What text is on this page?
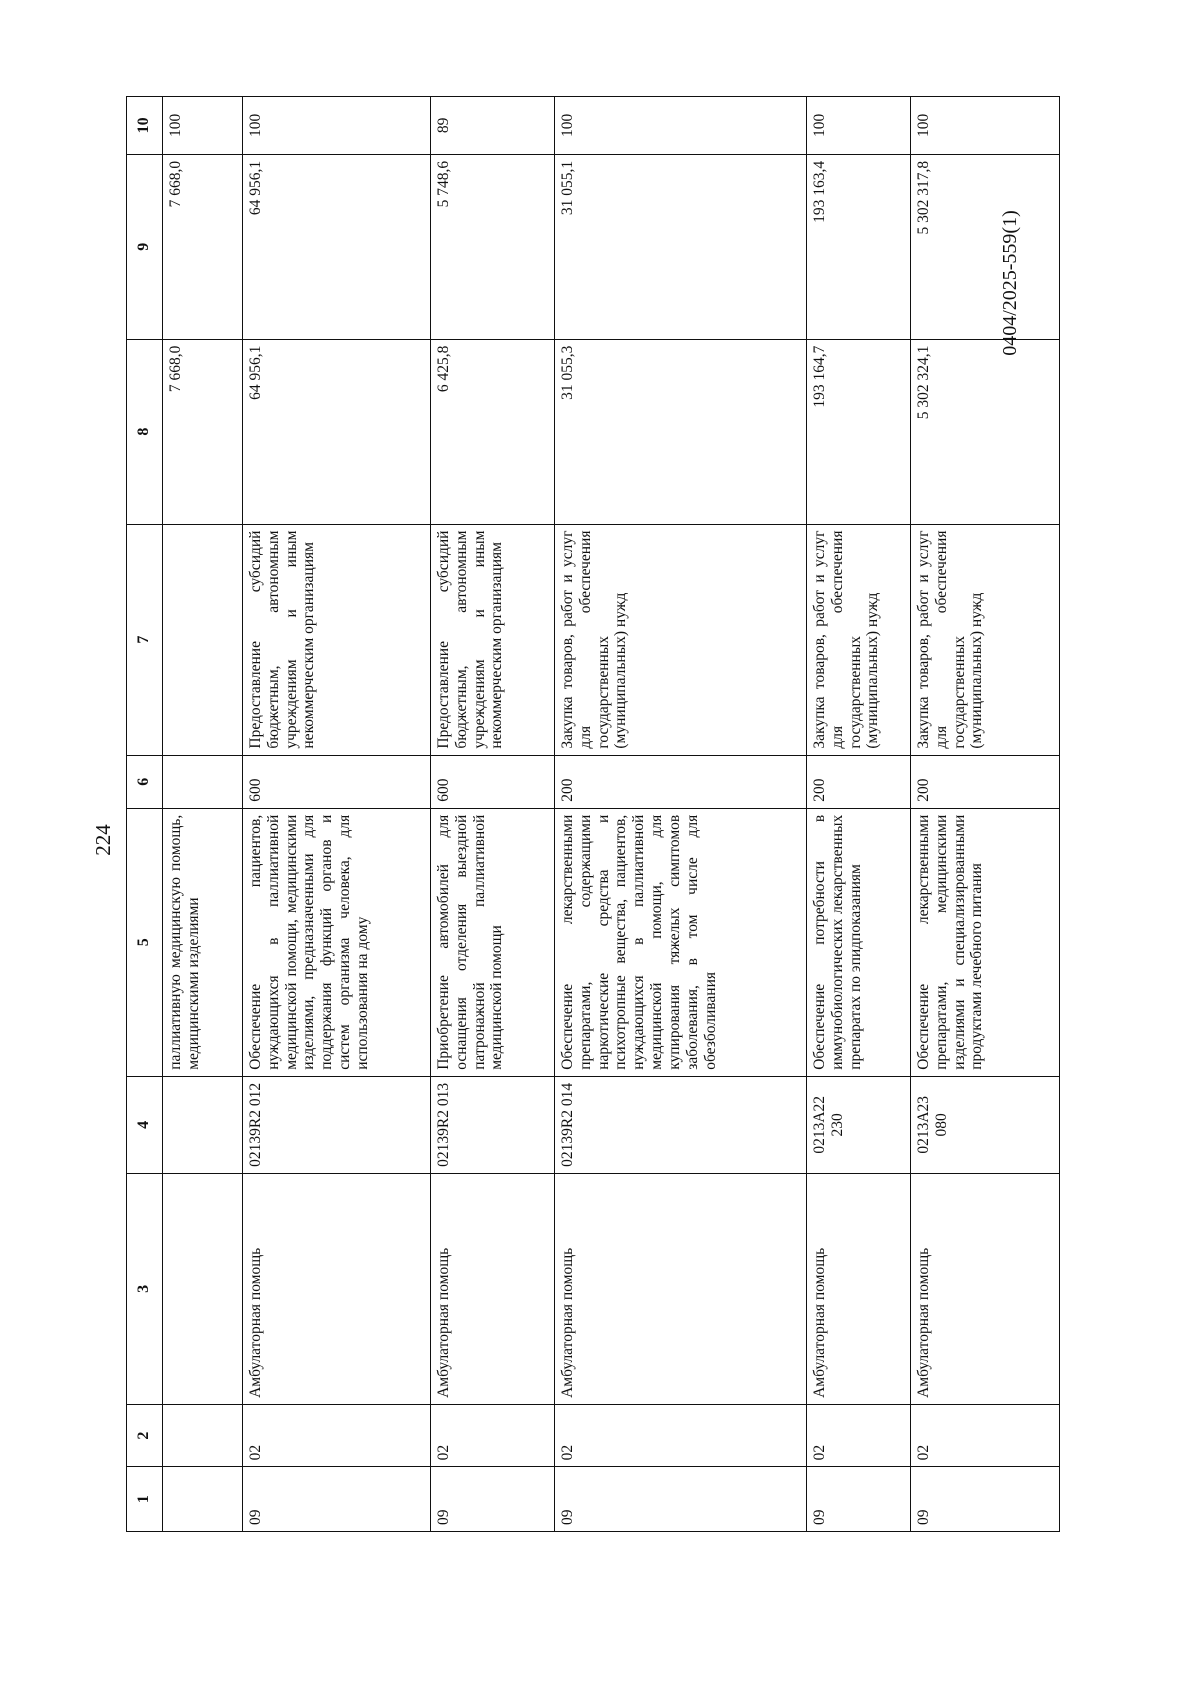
224
0404/2025-559(1)
1	2	3	4	5	6	7	8	9	10
				паллиативную медицинскую помощь, медицинскими изделиями			7 668,0	7 668,0	100
09	02	Амбулаторная помощь	02139R2 012	Обеспечение пациентов, нуждающихся в паллиативной медицинской помощи, медицинскими изделиями, предназначенными для поддержания функций органов и систем организма человека, для использования на дому	600	Предоставление субсидий бюджетным, автономным учреждениям и иным некоммерческим организациям	64 956,1	64 956,1	100
09	02	Амбулаторная помощь	02139R2 013	Приобретение автомобилей для оснащения отделения выездной патронажной паллиативной медицинской помощи	600	Предоставление субсидий бюджетным, автономным учреждениям и иным некоммерческим организациям	6 425,8	5 748,6	89
09	02	Амбулаторная помощь	02139R2 014	Обеспечение лекарственными препаратами, содержащими наркотические средства и психотропные вещества, пациентов, нуждающихся в паллиативной медицинской помощи, для купирования тяжелых симптомов заболевания, в том числе для обезболивания	200	Закупка товаров, работ и услуг для обеспечения государственных (муниципальных) нужд	31 055,3	31 055,1	100
09	02	Амбулаторная помощь	0213А22 230	Обеспечение потребности в иммунобиологических лекарственных препаратах по эпидпоказаниям	200	Закупка товаров, работ и услуг для обеспечения государственных (муниципальных) нужд	193 164,7	193 163,4	100
09	02	Амбулаторная помощь	0213А23 080	Обеспечение лекарственными препаратами, медицинскими изделиями и специализированными продуктами лечебного питания	200	Закупка товаров, работ и услуг для обеспечения государственных (муниципальных) нужд	5 302 324,1	5 302 317,8	100
